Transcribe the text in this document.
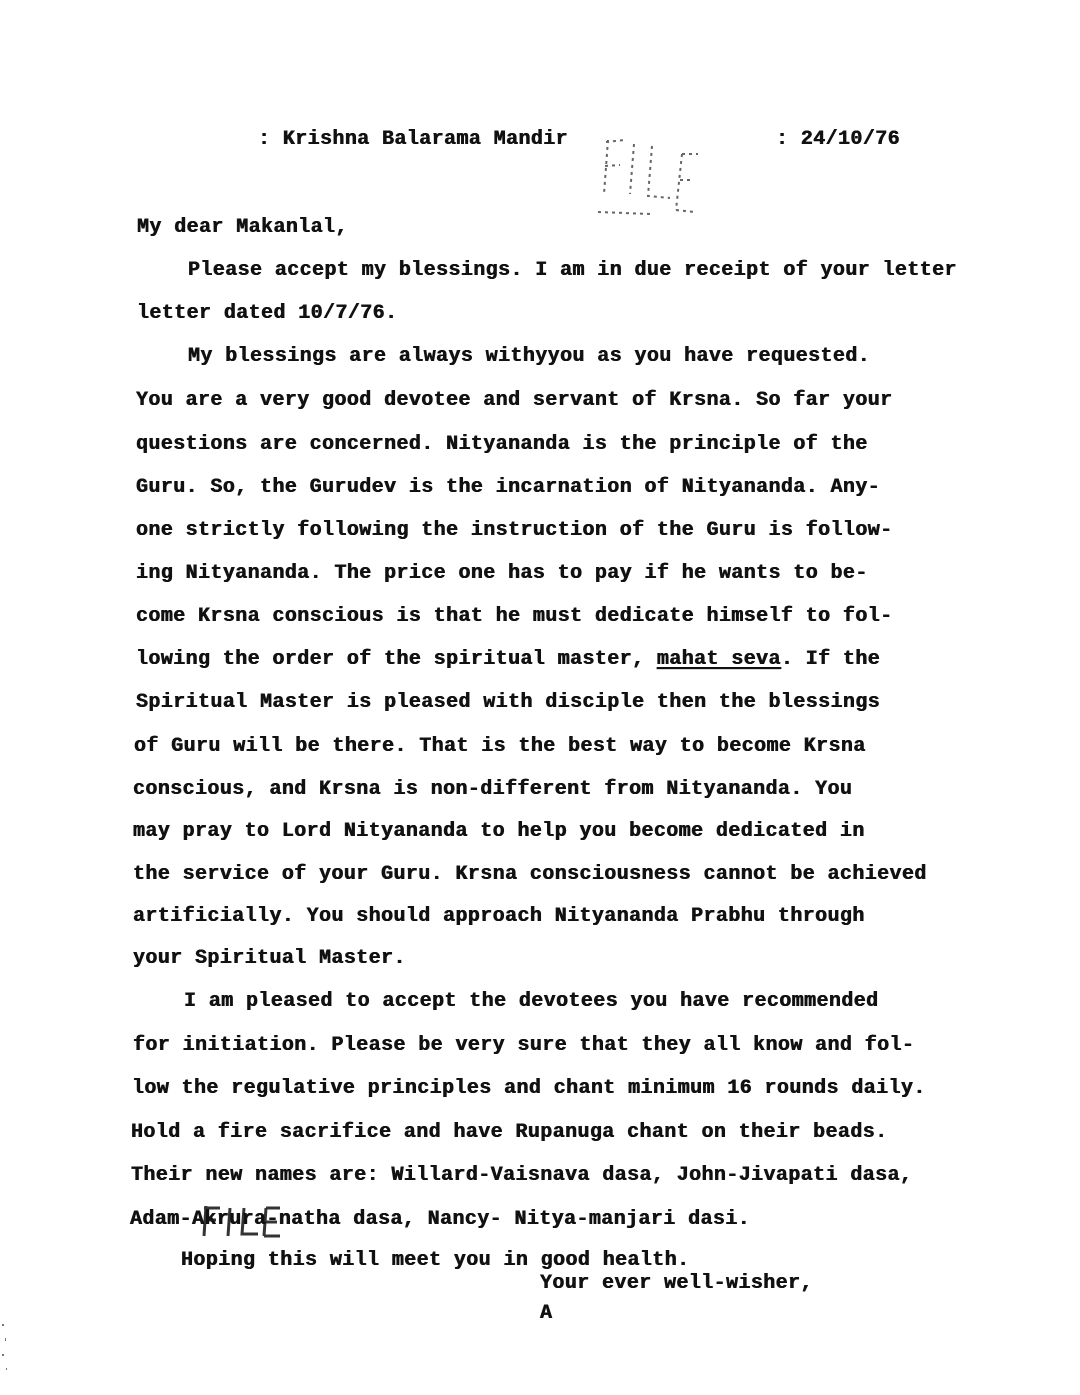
: Krishna Balarama Mandir	: 24/10/76
My dear Makanlal,
Please accept my blessings. I am in due receipt of your letter
letter dated 10/7/76.
My blessings are always withyyou as you have requested.
You are a very good devotee and servant of Krsna. So far your
questions are concerned. Nityananda is the principle of the
Guru. So, the Gurudev is the incarnation of Nityananda. Any-
one strictly following the instruction of the Guru is follow-
ing Nityananda. The price one has to pay if he wants to be-
come Krsna conscious is that he must dedicate himself to fol-
lowing the order of the spiritual master, mahat seva. If the
Spiritual Master is pleased with disciple then the blessings
of Guru will be there. That is the best way to become Krsna
conscious, and Krsna is non-different from Nityananda. You
may pray to Lord Nityananda to help you become dedicated in
the service of your Guru. Krsna consciousness cannot be achieved
artificially. You should approach Nityananda Prabhu through
your Spiritual Master.
I am pleased to accept the devotees you have recommended
for initiation. Please be very sure that they all know and fol-
low the regulative principles and chant minimum 16 rounds daily.
Hold a fire sacrifice and have Rupanuga chant on their beads.
Their new names are: Willard-Vaisnava dasa, John-Jivapati dasa,
Adam-Akrura-natha dasa, Nancy- Nitya-manjari dasi.
Hoping this will meet you in good health.
Your ever well-wisher,
A
